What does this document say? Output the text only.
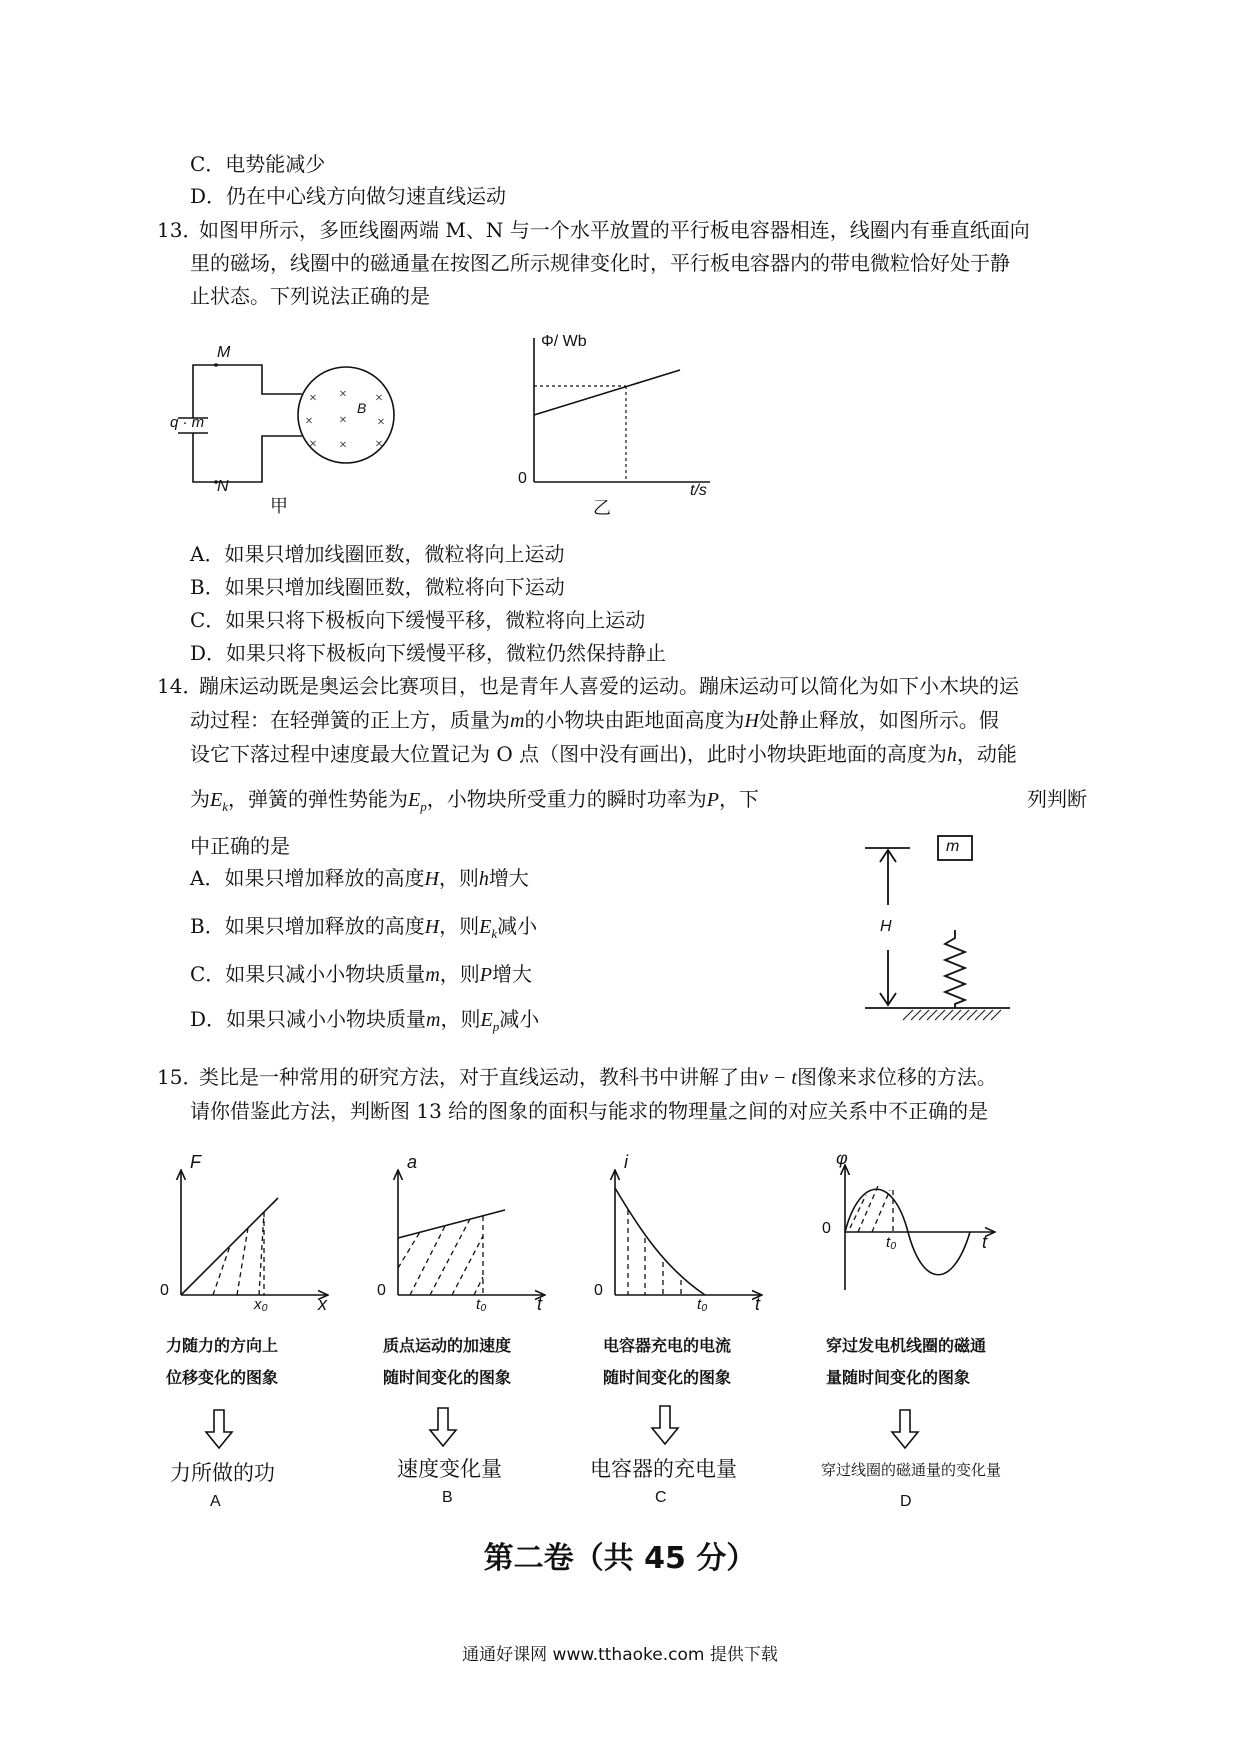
C．电势能减少
D．仍在中心线方向做匀速直线运动
13．
如图甲所示，多匝线圈两端 M、N 与一个水平放置的平行板电容器相连，线圈内有垂直纸面向
里的磁场，线圈中的磁通量在按图乙所示规律变化时，平行板电容器内的带电微粒恰好处于静
止状态。下列说法正确的是
× × ×
× × ×
× × ×
M
N
q · m
B
甲
Φ/ Wb
t/s
0
乙
A．如果只增加线圈匝数，微粒将向上运动
B．如果只增加线圈匝数，微粒将向下运动
C．如果只将下极板向下缓慢平移，微粒将向上运动
D．如果只将下极板向下缓慢平移，微粒仍然保持静止
14．
蹦床运动既是奥运会比赛项目，也是青年人喜爱的运动。蹦床运动可以简化为如下小木块的运
动过程：在轻弹簧的正上方，质量为m的小物块由距地面高度为H处静止释放，如图所示。假
设它下落过程中速度最大位置记为 O 点（图中没有画出)，此时小物块距地面的高度为h，动能
为$E_k$，弹簧的弹性势能为$E_p$，小物块所受重力的瞬时功率为P，下	列判断
中正确的是
A．如果只增加释放的高度H，则h增大
B．如果只增加释放的高度H，则$E_k$减小
C．如果只减小小物块质量m，则P增大
D．如果只减小小物块质量m，则$E_p$减小
m
H
15．
类比是一种常用的研究方法，对于直线运动，教科书中讲解了由v − t图像来求位移的方法。
请你借鉴此方法，判断图 13 给的图象的面积与能求的物理量之间的对应关系中不正确的是
F
x
0
x₀
a
t
0
t₀
i
t
0
t₀
φ
t
0
t₀
力随力的方向上
位移变化的图象
质点运动的加速度
随时间变化的图象
电容器充电的电流
随时间变化的图象
穿过发电机线圈的磁通
量随时间变化的图象
力所做的功	速度变化量	电容器的充电量	穿过线圈的磁通量的变化量
A	B	C	D
第二卷（共 45 分）
通通好课网 www.tthaoke.com 提供下载
